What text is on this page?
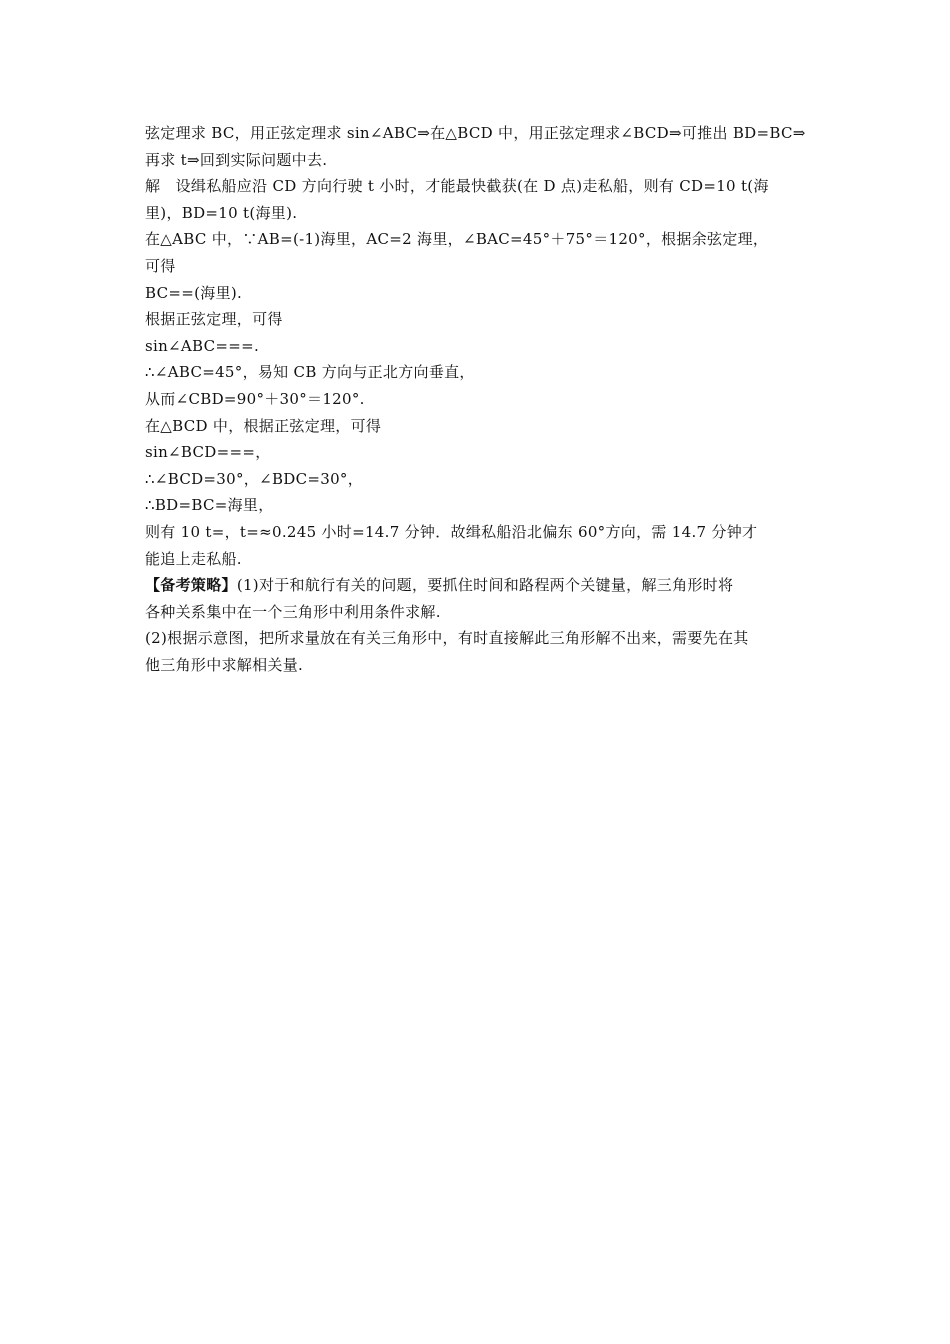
弦定理求 BC，用正弦定理求 sin∠ABC⇒在△BCD 中，用正弦定理求∠BCD⇒可推出 BD=BC⇒
再求 t⇒回到实际问题中去.
解　设缉私船应沿 CD 方向行驶 t 小时，才能最快截获(在 D 点)走私船，则有 CD=10 t(海
里)，BD=10 t(海里).
在△ABC 中，∵AB=(-1)海里，AC=2 海里，∠BAC=45°＋75°＝120°，根据余弦定理，
可得
BC==(海里).
根据正弦定理，可得
sin∠ABC===.
∴∠ABC=45°，易知 CB 方向与正北方向垂直，
从而∠CBD=90°＋30°＝120°.
在△BCD 中，根据正弦定理，可得
sin∠BCD===，
∴∠BCD=30°，∠BDC=30°，
∴BD=BC=海里，
则有 10 t=，t=≈0.245 小时=14.7 分钟．故缉私船沿北偏东 60°方向，需 14.7 分钟才
能追上走私船.
【备考策略】(1)对于和航行有关的问题，要抓住时间和路程两个关键量，解三角形时将
各种关系集中在一个三角形中利用条件求解.
(2)根据示意图，把所求量放在有关三角形中，有时直接解此三角形解不出来，需要先在其
他三角形中求解相关量.
